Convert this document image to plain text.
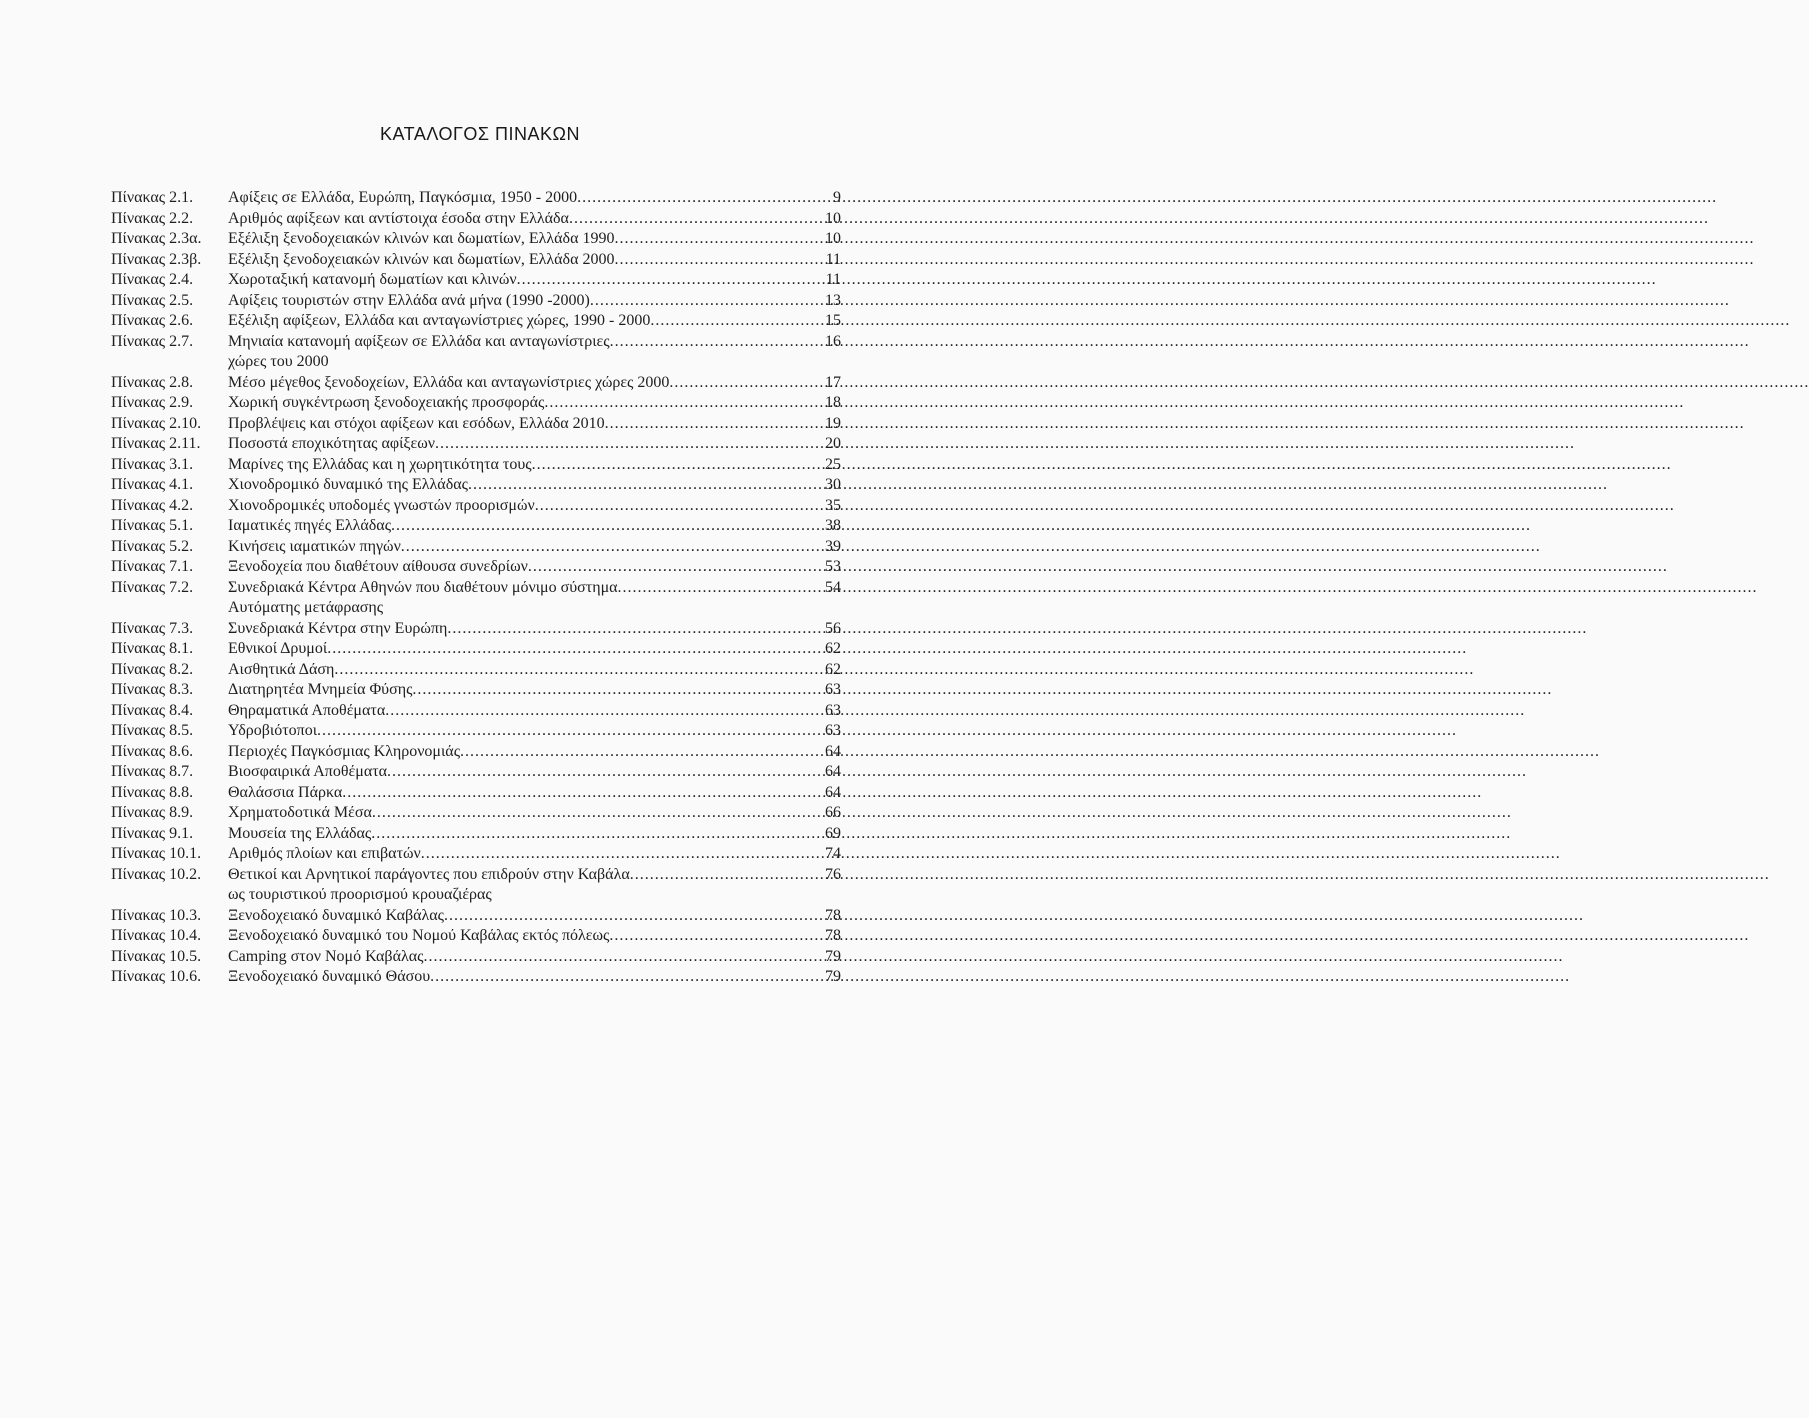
ΚΑΤΑΛΟΓΟΣ ΠΙΝΑΚΩΝ
Πίνακας 2.1.	Αφίξεις σε Ελλάδα, Ευρώπη, Παγκόσμια, 1950 - 2000 .....	9
Πίνακας 2.2.	Αριθμός αφίξεων και αντίστοιχα έσοδα στην Ελλάδα .....	10
Πίνακας 2.3α.	Εξέλιξη ξενοδοχειακών κλινών και δωματίων, Ελλάδα 1990 .....	10
Πίνακας 2.3β.	Εξέλιξη ξενοδοχειακών κλινών και δωματίων, Ελλάδα 2000 .....	11
Πίνακας 2.4.	Χωροταξική κατανομή δωματίων και κλινών .....	11
Πίνακας 2.5.	Αφίξεις τουριστών στην Ελλάδα ανά μήνα (1990 -2000) .....	13
Πίνακας 2.6.	Εξέλιξη αφίξεων, Ελλάδα και ανταγωνίστριες χώρες, 1990 - 2000 .....	15
Πίνακας 2.7.	Μηνιαία κατανομή αφίξεων σε Ελλάδα και ανταγωνίστριες .....	16
χώρες του 2000
Πίνακας 2.8.	Μέσο μέγεθος ξενοδοχείων, Ελλάδα και ανταγωνίστριες χώρες 2000 .....	17
Πίνακας 2.9.	Χωρική συγκέντρωση ξενοδοχειακής προσφοράς .....	18
Πίνακας 2.10.	Προβλέψεις και στόχοι αφίξεων και εσόδων, Ελλάδα 2010 .....	19
Πίνακας 2.11.	Ποσοστά εποχικότητας αφίξεων .....	20
Πίνακας 3.1.	Μαρίνες της Ελλάδας και η χωρητικότητα τους .....	25
Πίνακας 4.1.	Χιονοδρομικό δυναμικό της Ελλάδας .....	30
Πίνακας 4.2.	Χιονοδρομικές υποδομές γνωστών προορισμών .....	35
Πίνακας 5.1.	Ιαματικές πηγές Ελλάδας .....	38
Πίνακας 5.2.	Κινήσεις ιαματικών πηγών .....	39
Πίνακας 7.1.	Ξενοδοχεία που διαθέτουν αίθουσα συνεδρίων .....	53
Πίνακας 7.2.	Συνεδριακά Κέντρα Αθηνών που διαθέτουν μόνιμο σύστημα .....	54
Αυτόματης μετάφρασης
Πίνακας 7.3.	Συνεδριακά Κέντρα στην Ευρώπη .....	56
Πίνακας 8.1.	Εθνικοί Δρυμοί .....	62
Πίνακας 8.2.	Αισθητικά Δάση .....	62
Πίνακας 8.3.	Διατηρητέα Μνημεία Φύσης .....	63
Πίνακας 8.4.	Θηραματικά Αποθέματα .....	63
Πίνακας 8.5.	Υδροβιότοποι .....	63
Πίνακας 8.6.	Περιοχές Παγκόσμιας Κληρονομιάς .....	64
Πίνακας 8.7.	Βιοσφαιρικά Αποθέματα .....	64
Πίνακας 8.8.	Θαλάσσια Πάρκα .....	64
Πίνακας 8.9.	Χρηματοδοτικά Μέσα .....	66
Πίνακας 9.1.	Μουσεία της Ελλάδας .....	69
Πίνακας 10.1.	Αριθμός πλοίων και επιβατών .....	74
Πίνακας 10.2.	Θετικοί και Αρνητικοί παράγοντες που επιδρούν στην Καβάλα .....	76
ως τουριστικού προορισμού κρουαζιέρας
Πίνακας 10.3.	Ξενοδοχειακό δυναμικό Καβάλας .....	78
Πίνακας 10.4.	Ξενοδοχειακό δυναμικό του Νομού Καβάλας εκτός πόλεως .....	78
Πίνακας 10.5.	Camping στον Νομό Καβάλας .....	79
Πίνακας 10.6.	Ξενοδοχειακό δυναμικό Θάσου .....	79
